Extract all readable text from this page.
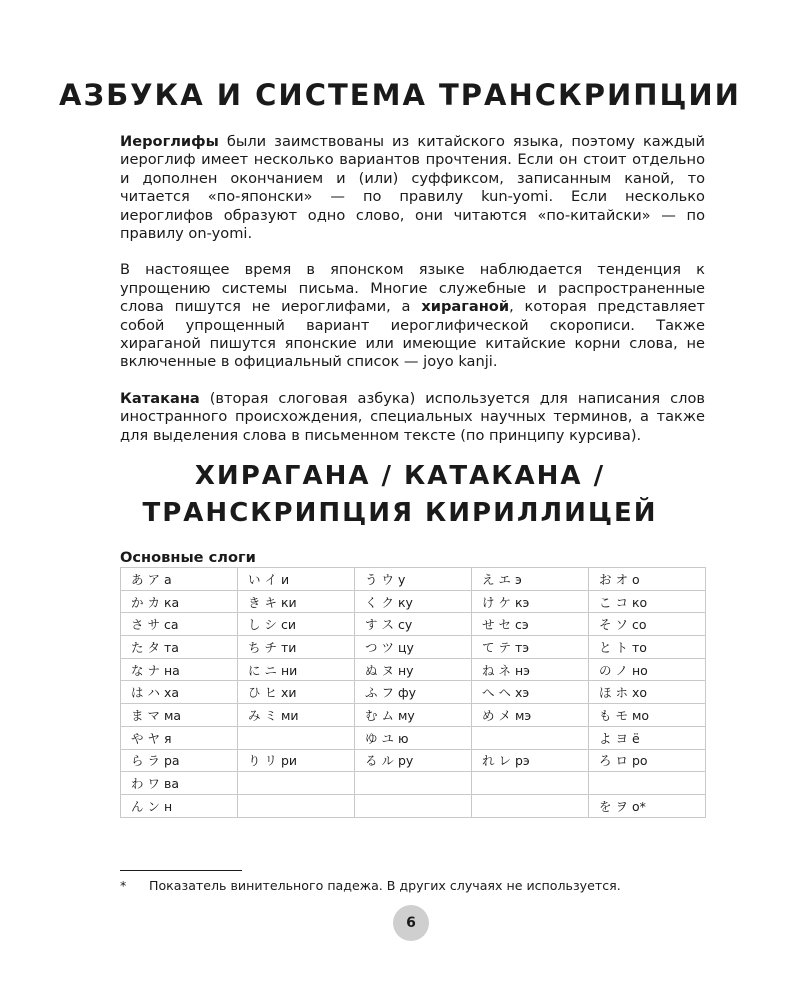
АЗБУКА И СИСТЕМА ТРАНСКРИПЦИИ

Иероглифы были заимствованы из китайского языка, поэтому каждый иероглиф имеет несколько вариантов прочтения. Если он стоит отдельно и дополнен окончанием и (или) суффиксом, записанным каной, то читается «по-японски» — по правилу kun-yomi. Если несколько иероглифов образуют одно слово, они читаются «по-китайски» — по правилу on-yomi.

В настоящее время в японском языке наблюдается тенденция к упрощению системы письма. Многие служебные и распространенные слова пишутся не иероглифами, а хираганой, которая представляет собой упрощенный вариант иероглифической скорописи. Также хираганой пишутся японские или имеющие китайские корни слова, не включенные в официальный список — joyo kanji.

Катакана (вторая слоговая азбука) используется для написания слов иностранного происхождения, специальных научных терминов, а также для выделения слова в письменном тексте (по принципу курсива).

ХИРАГАНА / КАТАКАНА /
ТРАНСКРИПЦИЯ КИРИЛЛИЦЕЙ
Основные слоги
あ ア а	い イ и	う ウ у	え エ э	お オ о
か カ ка	き キ ки	く ク ку	け ケ кэ	こ コ ко
さ サ са	し シ си	す ス су	せ セ сэ	そ ソ со
た タ та	ち チ ти	つ ツ цу	て テ тэ	と ト то
な ナ на	に ニ ни	ぬ ヌ ну	ね ネ нэ	の ノ но
は ハ ха	ひ ヒ хи	ふ フ фу	へ ヘ хэ	ほ ホ хо
ま マ ма	み ミ ми	む ム му	め メ мэ	も モ мо
や ヤ я		ゆ ユ ю		よ ヨ ё
ら ラ ра	り リ ри	る ル ру	れ レ рэ	ろ ロ ро
わ ワ ва				
ん ン н				を ヲ о*
* Показатель винительного падежа. В других случаях не используется.
6
